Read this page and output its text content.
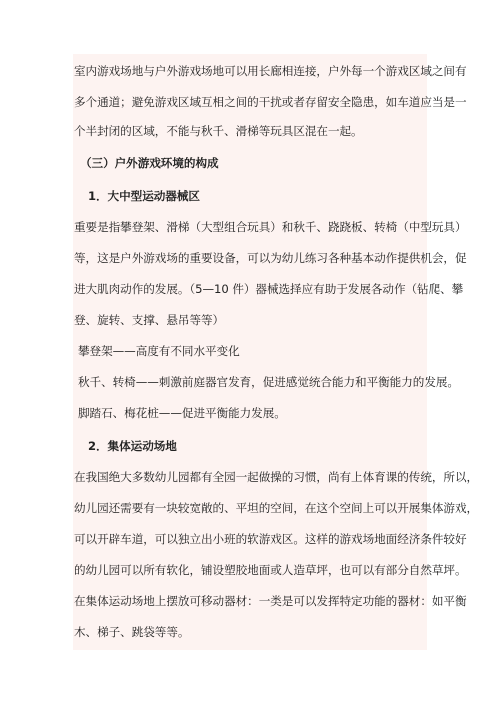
室内游戏场地与户外游戏场地可以用长廊相连接，户外每一个游戏区域之间有
多个通道；避免游戏区域互相之间的干扰或者存留安全隐患，如车道应当是一
个半封闭的区域，不能与秋千、滑梯等玩具区混在一起。
（三）户外游戏环境的构成
1．大中型运动器械区
重要是指攀登架、滑梯（大型组合玩具）和秋千、跷跷板、转椅（中型玩具）
等，这是户外游戏场的重要设备，可以为幼儿练习各种基本动作提供机会，促
进大肌肉动作的发展。（5—10 件）器械选择应有助于发展各动作（钻爬、攀
登、旋转、支撑、悬吊等等）
攀登架——高度有不同水平变化
秋千、转椅——刺激前庭器官发育，促进感觉统合能力和平衡能力的发展。
脚踏石、梅花桩——促进平衡能力发展。
2．集体运动场地
在我国绝大多数幼儿园都有全园一起做操的习惯，尚有上体育课的传统，所以，
幼儿园还需要有一块较宽敞的、平坦的空间，在这个空间上可以开展集体游戏，
可以开辟车道，可以独立出小班的软游戏区。这样的游戏场地面经济条件较好
的幼儿园可以所有软化，铺设塑胶地面或人造草坪，也可以有部分自然草坪。
在集体运动场地上摆放可移动器材：一类是可以发挥特定功能的器材：如平衡
木、梯子、跳袋等等。
